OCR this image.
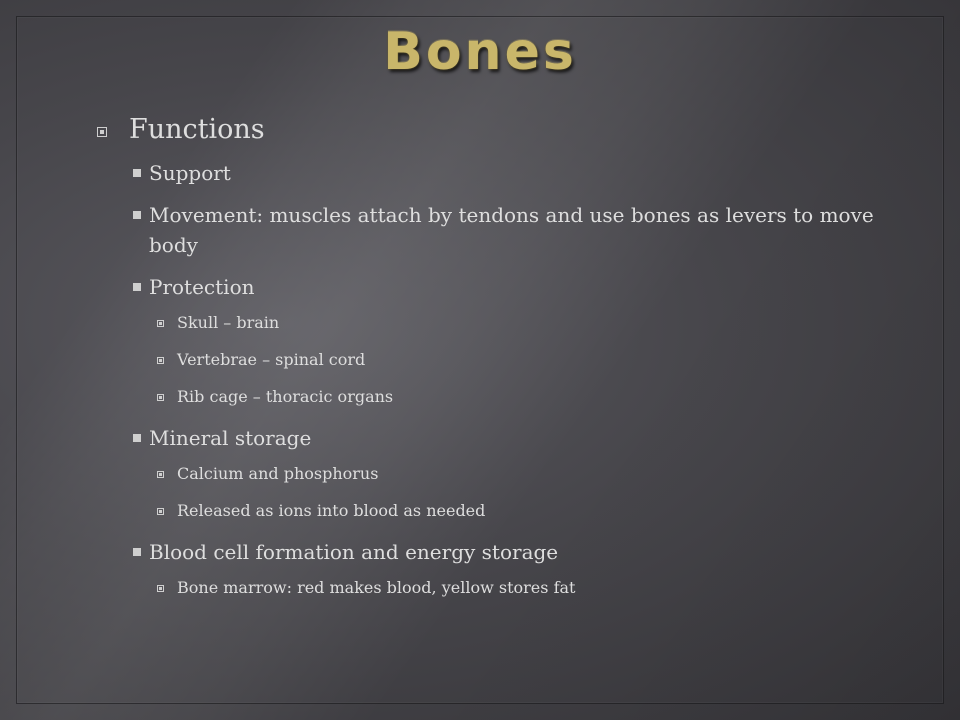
Bones
Functions
Support
Movement: muscles attach by tendons and use bones as levers to move body
Protection
Skull – brain
Vertebrae – spinal cord
Rib cage – thoracic organs
Mineral storage
Calcium and phosphorus
Released as ions into blood as needed
Blood cell formation and energy storage
Bone marrow: red makes blood, yellow stores fat
